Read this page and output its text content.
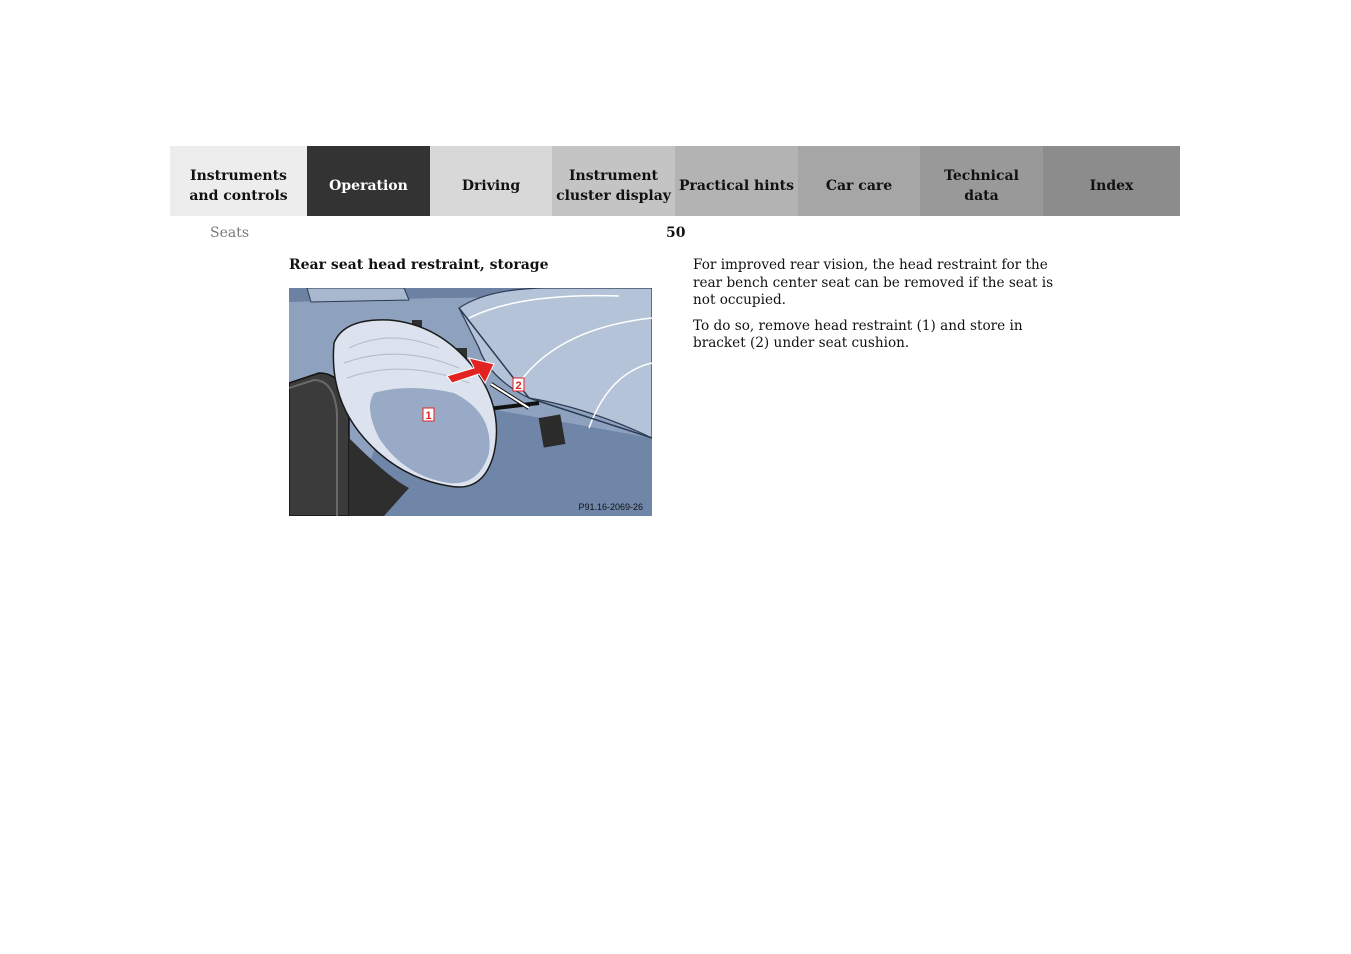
Instruments
and controls
Operation	Driving
Instrument
cluster display
Practical hints Car care
Technical
data
Index
Seats	50
Rear seat head restraint, storage
1
2
P91.16-2069-26

For improved rear vision, the head restraint for the rear bench center seat can be removed if the seat is not occupied.

To do so, remove head restraint (1) and store in bracket (2) under seat cushion.
